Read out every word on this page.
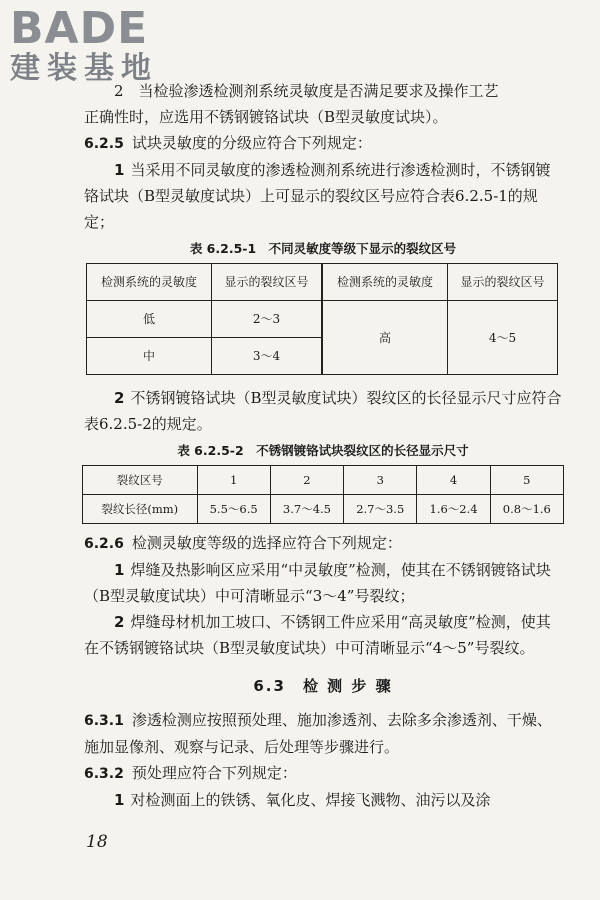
BADE
建装基地

2　当检验渗透检测剂系统灵敏度是否满足要求及操作工艺

正确性时，应选用不锈钢镀铬试块（B型灵敏度试块）。

6.2.5 试块灵敏度的分级应符合下列规定：

1 当采用不同灵敏度的渗透检测剂系统进行渗透检测时，不锈钢镀铬试块（B型灵敏度试块）上可显示的裂纹区号应符合表6.2.5-1的规定；

表 6.2.5-1　不同灵敏度等级下显示的裂纹区号
检测系统的灵敏度	显示的裂纹区号	检测系统的灵敏度	显示的裂纹区号
低	2～3	高	4～5
中	3～4		

2 不锈钢镀铬试块（B型灵敏度试块）裂纹区的长径显示尺寸应符合表6.2.5-2的规定。

表 6.2.5-2　不锈钢镀铬试块裂纹区的长径显示尺寸
裂纹区号	1	2	3	4	5
裂纹长径(mm)	5.5～6.5	3.7～4.5	2.7～3.5	1.6～2.4	0.8～1.6

6.2.6 检测灵敏度等级的选择应符合下列规定：

1 焊缝及热影响区应采用“中灵敏度”检测，使其在不锈钢镀铬试块（B型灵敏度试块）中可清晰显示“3～4”号裂纹；

2 焊缝母材机加工坡口、不锈钢工件应采用“高灵敏度”检测，使其在不锈钢镀铬试块（B型灵敏度试块）中可清晰显示“4～5”号裂纹。

6.3　检 测 步 骤

6.3.1 渗透检测应按照预处理、施加渗透剂、去除多余渗透剂、干燥、施加显像剂、观察与记录、后处理等步骤进行。

6.3.2 预处理应符合下列规定：

1 对检测面上的铁锈、氧化皮、焊接飞溅物、油污以及涂

18
